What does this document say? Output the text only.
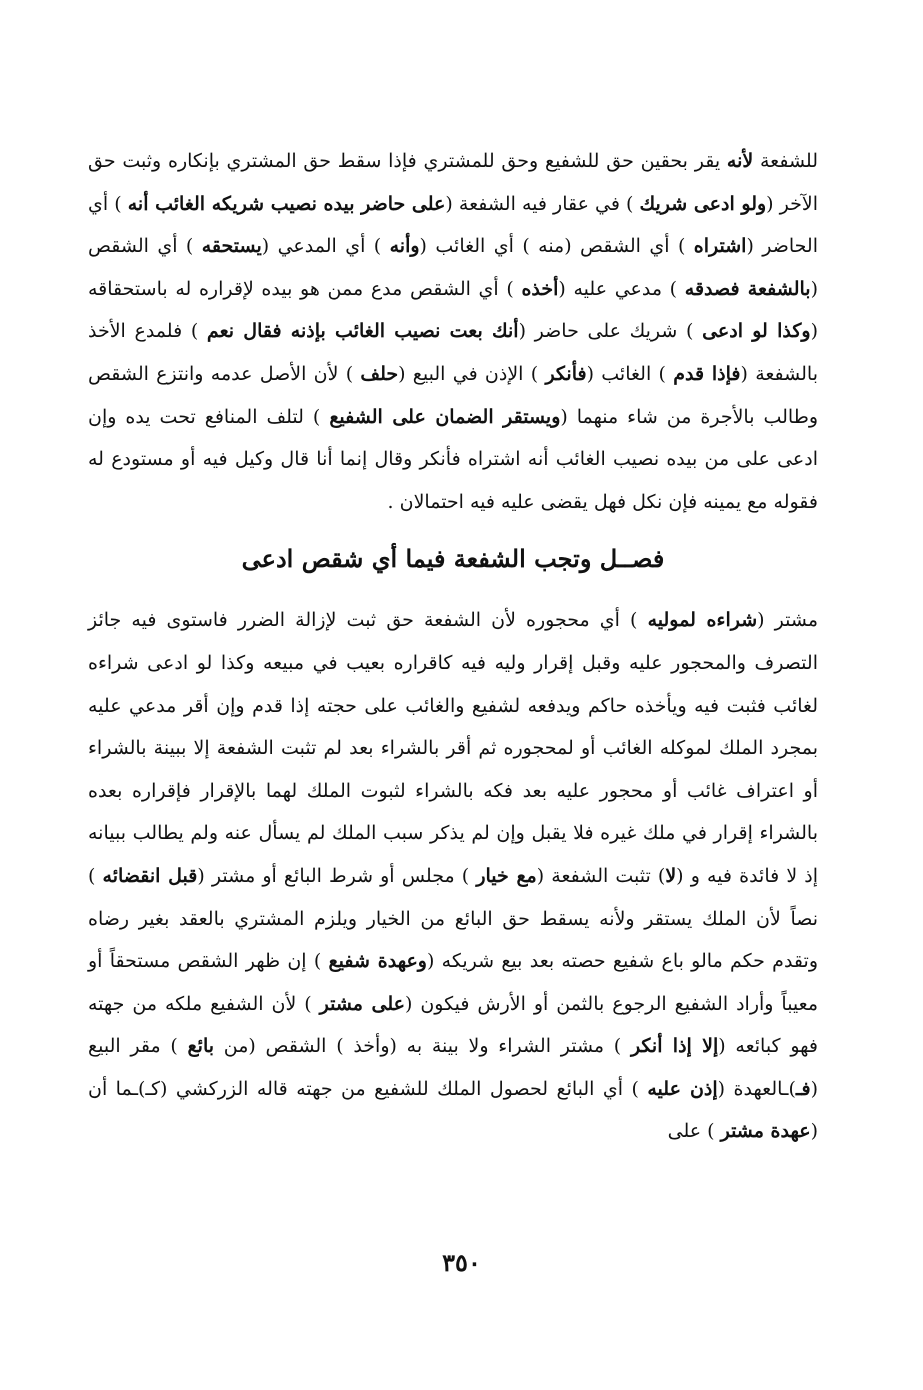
للشفعة لأنه يقر بحقين حق للشفيع وحق للمشتري فإذا سقط حق المشتري بإنكاره وثبت حق الآخر (ولو ادعى شريك ) في عقار فيه الشفعة (على حاضر بيده نصيب شريكه الغائب أنه ) أي الحاضر (اشتراه ) أي الشقص (منه ) أي الغائب (وأنه ) أي المدعي (يستحقه ) أي الشقص (بالشفعة فصدقه ) مدعي عليه (أخذه ) أي الشقص مدع ممن هو بيده لإقراره له باستحقاقه (وكذا لو ادعى ) شريك على حاضر (أنك بعت نصيب الغائب بإذنه فقال نعم ) فلمدع الأخذ بالشفعة (فإذا قدم ) الغائب (فأنكر ) الإذن في البيع (حلف ) لأن الأصل عدمه وانتزع الشقص وطالب بالأجرة من شاء منهما (ويستقر الضمان على الشفيع ) لتلف المنافع تحت يده وإن ادعى على من بيده نصيب الغائب أنه اشتراه فأنكر وقال إنما أنا قال وكيل فيه أو مستودع له فقوله مع يمينه فإن نكل فهل يقضى عليه فيه احتمالان .

فصــل وتجب الشفعة فيما أي شقص ادعى

مشتر (شراءه لموليه ) أي محجوره لأن الشفعة حق ثبت لإزالة الضرر فاستوى فيه جائز التصرف والمحجور عليه وقبل إقرار وليه فيه كاقراره بعيب في مبيعه وكذا لو ادعى شراءه لغائب فثبت فيه ويأخذه حاكم ويدفعه لشفيع والغائب على حجته إذا قدم وإن أقر مدعي عليه بمجرد الملك لموكله الغائب أو لمحجوره ثم أقر بالشراء بعد لم تثبت الشفعة إلا ببينة بالشراء أو اعتراف غائب أو محجور عليه بعد فكه بالشراء لثبوت الملك لهما بالإقرار فإقراره بعده بالشراء إقرار في ملك غيره فلا يقبل وإن لم يذكر سبب الملك لم يسأل عنه ولم يطالب ببيانه إذ لا فائدة فيه و (لا) تثبت الشفعة (مع خيار ) مجلس أو شرط البائع أو مشتر (قبل انقضائه ) نصاً لأن الملك يستقر ولأنه يسقط حق البائع من الخيار ويلزم المشتري بالعقد بغير رضاه وتقدم حكم مالو باع شفيع حصته بعد بيع شريكه (وعهدة شفيع ) إن ظهر الشقص مستحقاً أو معيباً وأراد الشفيع الرجوع بالثمن أو الأرش فيكون (على مشتر ) لأن الشفيع ملكه من جهته فهو كبائعه (إلا إذا أنكر ) مشتر الشراء ولا بينة به (وأخذ ) الشقص (من بائع ) مقر البيع (فـ)ـالعهدة (إذن عليه ) أي البائع لحصول الملك للشفيع من جهته قاله الزركشي (كـ)ـما أن (عهدة مشتر ) على

٣٥٠
